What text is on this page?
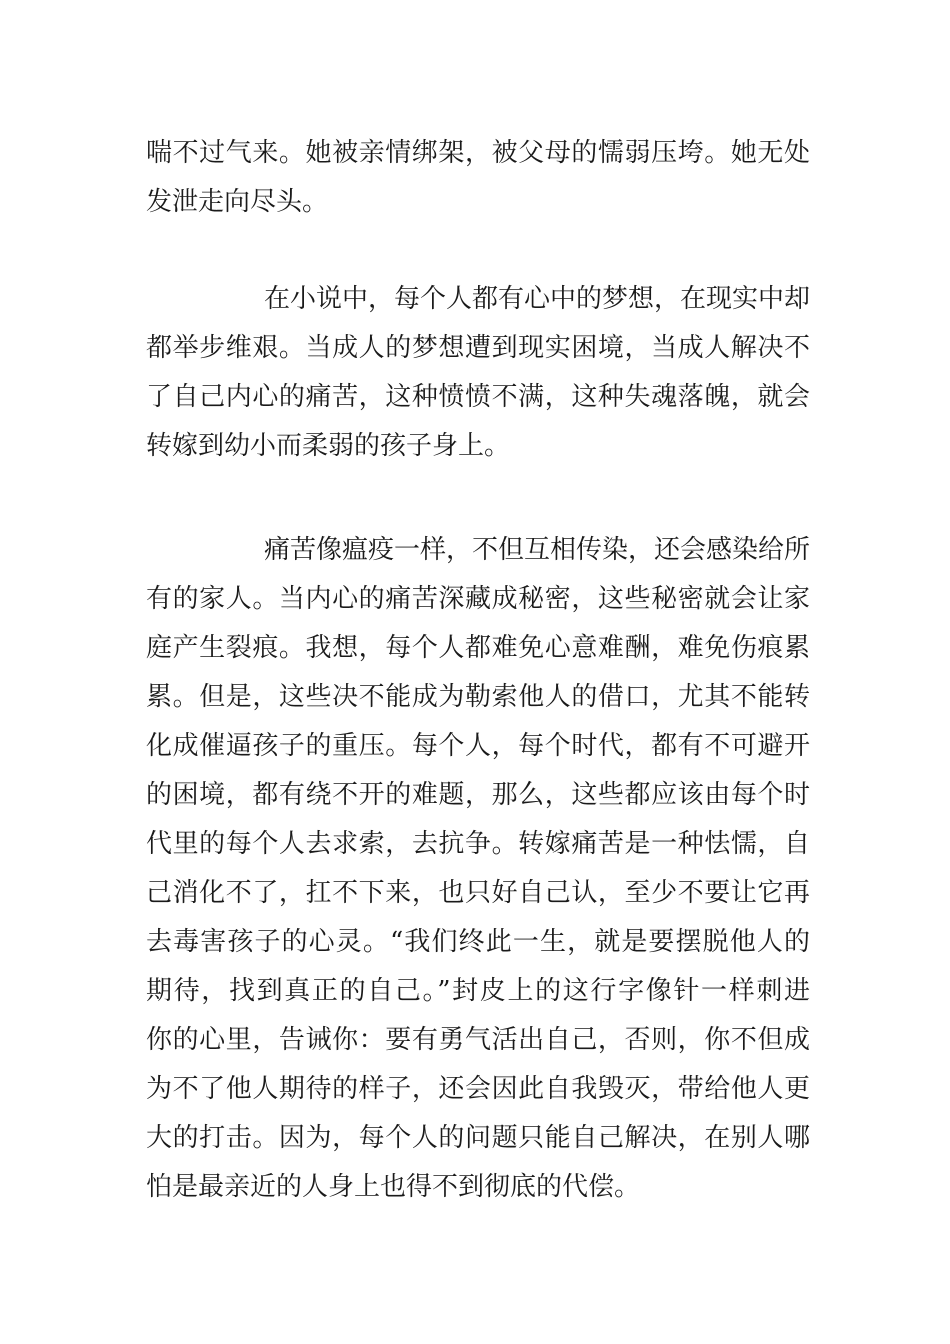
喘不过气来。她被亲情绑架，被父母的懦弱压垮。她无处
发泄走向尽头。
在小说中，每个人都有心中的梦想，在现实中却
都举步维艰。当成人的梦想遭到现实困境，当成人解决不
了自己内心的痛苦，这种愤愤不满，这种失魂落魄，就会
转嫁到幼小而柔弱的孩子身上。
痛苦像瘟疫一样，不但互相传染，还会感染给所
有的家人。当内心的痛苦深藏成秘密，这些秘密就会让家
庭产生裂痕。我想，每个人都难免心意难酬，难免伤痕累
累。但是，这些决不能成为勒索他人的借口，尤其不能转
化成催逼孩子的重压。每个人，每个时代，都有不可避开
的困境，都有绕不开的难题，那么，这些都应该由每个时
代里的每个人去求索，去抗争。转嫁痛苦是一种怯懦，自
己消化不了，扛不下来，也只好自己认，至少不要让它再
去毒害孩子的心灵。“我们终此一生，就是要摆脱他人的
期待，找到真正的自己。”封皮上的这行字像针一样刺进
你的心里，告诫你：要有勇气活出自己，否则，你不但成
为不了他人期待的样子，还会因此自我毁灭，带给他人更
大的打击。因为，每个人的问题只能自己解决，在别人哪
怕是最亲近的人身上也得不到彻底的代偿。
